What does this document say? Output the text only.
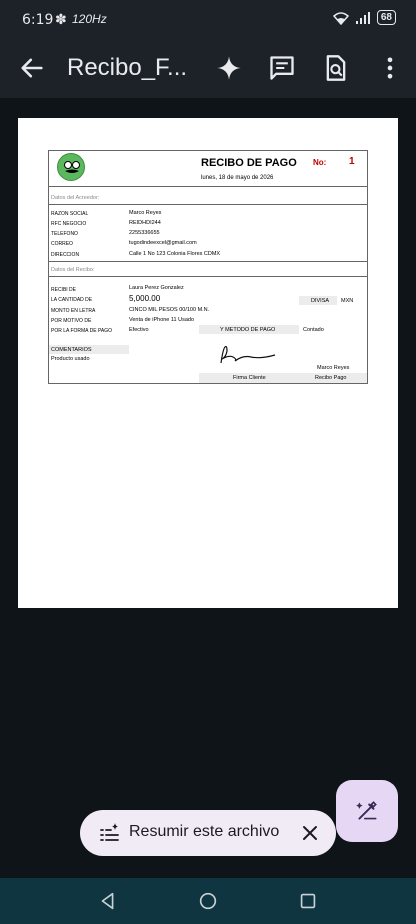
6:19 ✽ 120Hz	68
Recibo_F...
RECIBO DE PAGO No: 1
lunes, 18 de mayo de 2026
Datos del Acreedor:
RAZON SOCIAL	Marco Reyes
RFC NEGOCIO	REIDHDI244
TELEFONO	2255336655
CORREO	tugodindeexcel@gmail.com
DIRECCION	Calle 1 No 123 Colonia Flores CDMX
Datos del Recibo:
RECIBI DE	Laura Perez Gonzalez
LA CANTIDAD DE	5,000.00
MONTO EN LETRA	CINCO MIL PESOS 00/100 M.N.
POR MOTIVO DE	Venta de iPhone 11 Usado
POR LA FORMA DE PAGO	Efectivo
DIVISA MXN
Y METODO DE PAGO	Contado
COMENTARIOS
Producto usado
Marco Reyes
Firma Cliente	Recibo Pago
Resumir este archivo
